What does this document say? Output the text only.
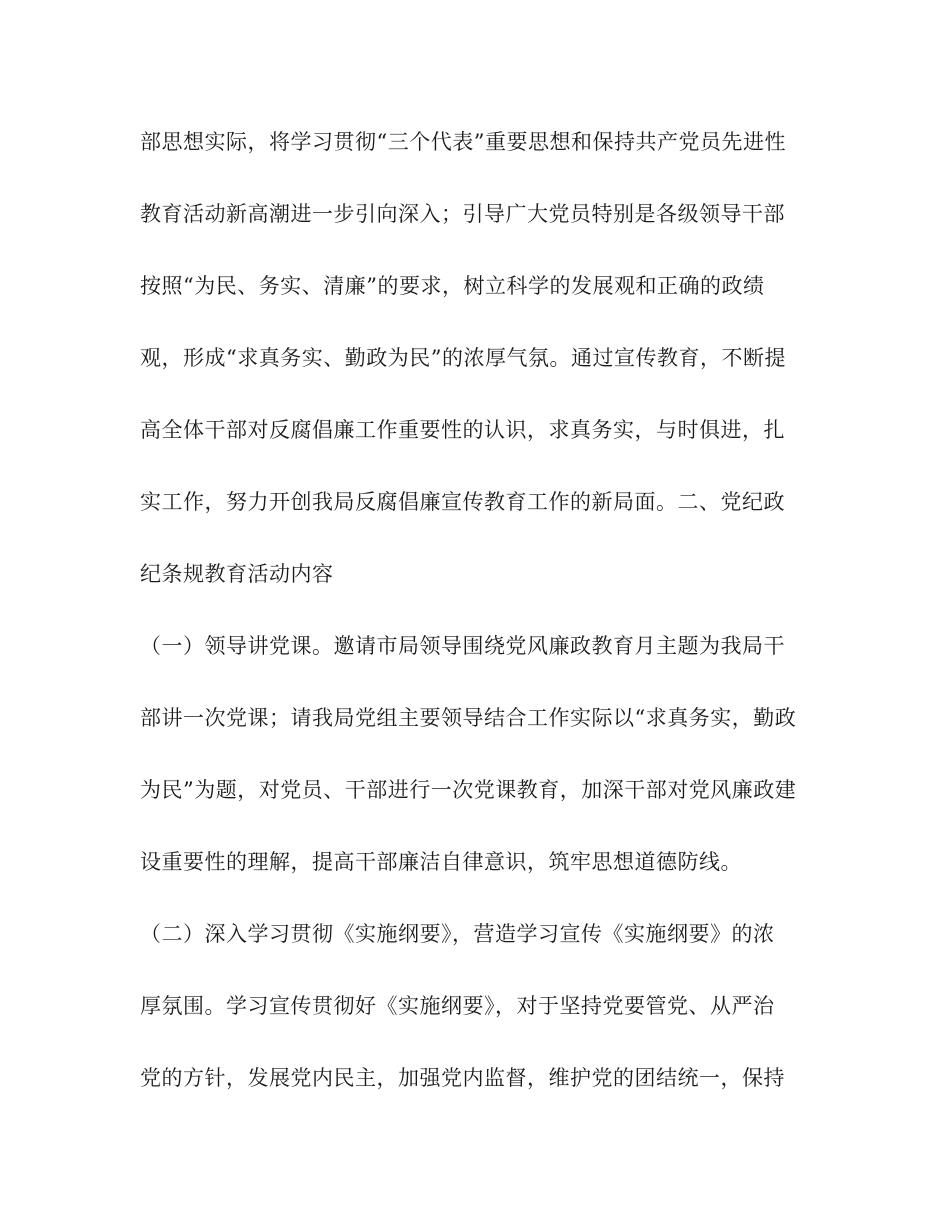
部思想实际，将学习贯彻“三个代表”重要思想和保持共产党员先进性
教育活动新高潮进一步引向深入；引导广大党员特别是各级领导干部
按照“为民、务实、清廉”的要求，树立科学的发展观和正确的政绩
观，形成“求真务实、勤政为民”的浓厚气氛。通过宣传教育，不断提
高全体干部对反腐倡廉工作重要性的认识，求真务实，与时俱进，扎
实工作，努力开创我局反腐倡廉宣传教育工作的新局面。二、党纪政
纪条规教育活动内容
（一）领导讲党课。邀请市局领导围绕党风廉政教育月主题为我局干
部讲一次党课；请我局党组主要领导结合工作实际以“求真务实，勤政
为民”为题，对党员、干部进行一次党课教育，加深干部对党风廉政建
设重要性的理解，提高干部廉洁自律意识，筑牢思想道德防线。
（二）深入学习贯彻《实施纲要》，营造学习宣传《实施纲要》的浓
厚氛围。学习宣传贯彻好《实施纲要》，对于坚持党要管党、从严治
党的方针，发展党内民主，加强党内监督，维护党的团结统一，保持
